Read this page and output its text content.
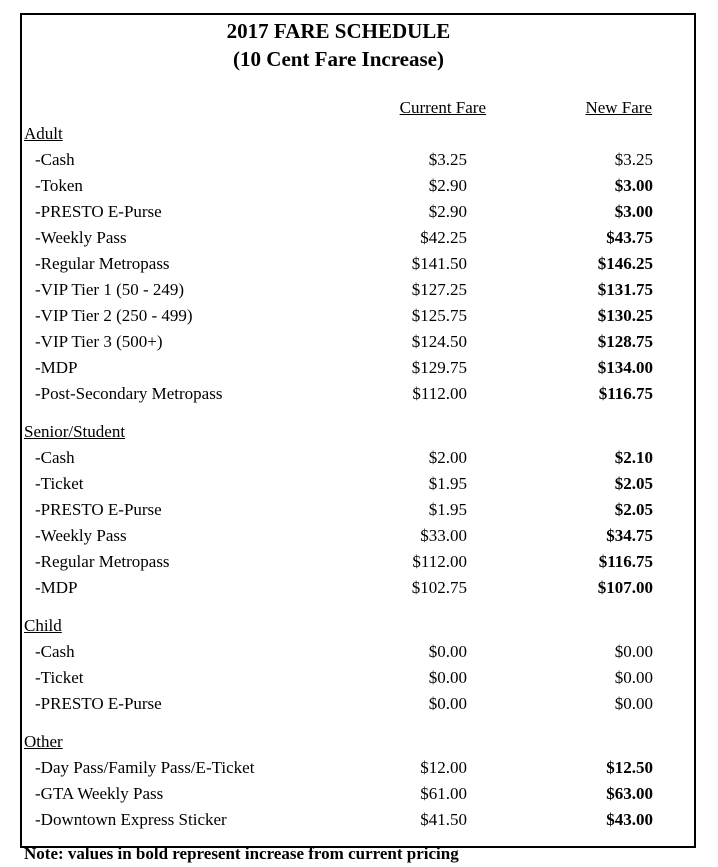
2017 FARE SCHEDULE
(10 Cent Fare Increase)
Current Fare	New Fare
Adult
-Cash	$3.25	$3.25
-Token	$2.90	$3.00
-PRESTO E-Purse	$2.90	$3.00
-Weekly Pass	$42.25	$43.75
-Regular Metropass	$141.50	$146.25
-VIP Tier 1 (50 - 249)	$127.25	$131.75
-VIP Tier 2 (250 - 499)	$125.75	$130.25
-VIP Tier 3 (500+)	$124.50	$128.75
-MDP	$129.75	$134.00
-Post-Secondary Metropass	$112.00	$116.75
Senior/Student
-Cash	$2.00	$2.10
-Ticket	$1.95	$2.05
-PRESTO E-Purse	$1.95	$2.05
-Weekly Pass	$33.00	$34.75
-Regular Metropass	$112.00	$116.75
-MDP	$102.75	$107.00
Child
-Cash	$0.00	$0.00
-Ticket	$0.00	$0.00
-PRESTO E-Purse	$0.00	$0.00
Other
-Day Pass/Family Pass/E-Ticket	$12.00	$12.50
-GTA Weekly Pass	$61.00	$63.00
-Downtown Express Sticker	$41.50	$43.00
Note: values in bold represent increase from current pricing
